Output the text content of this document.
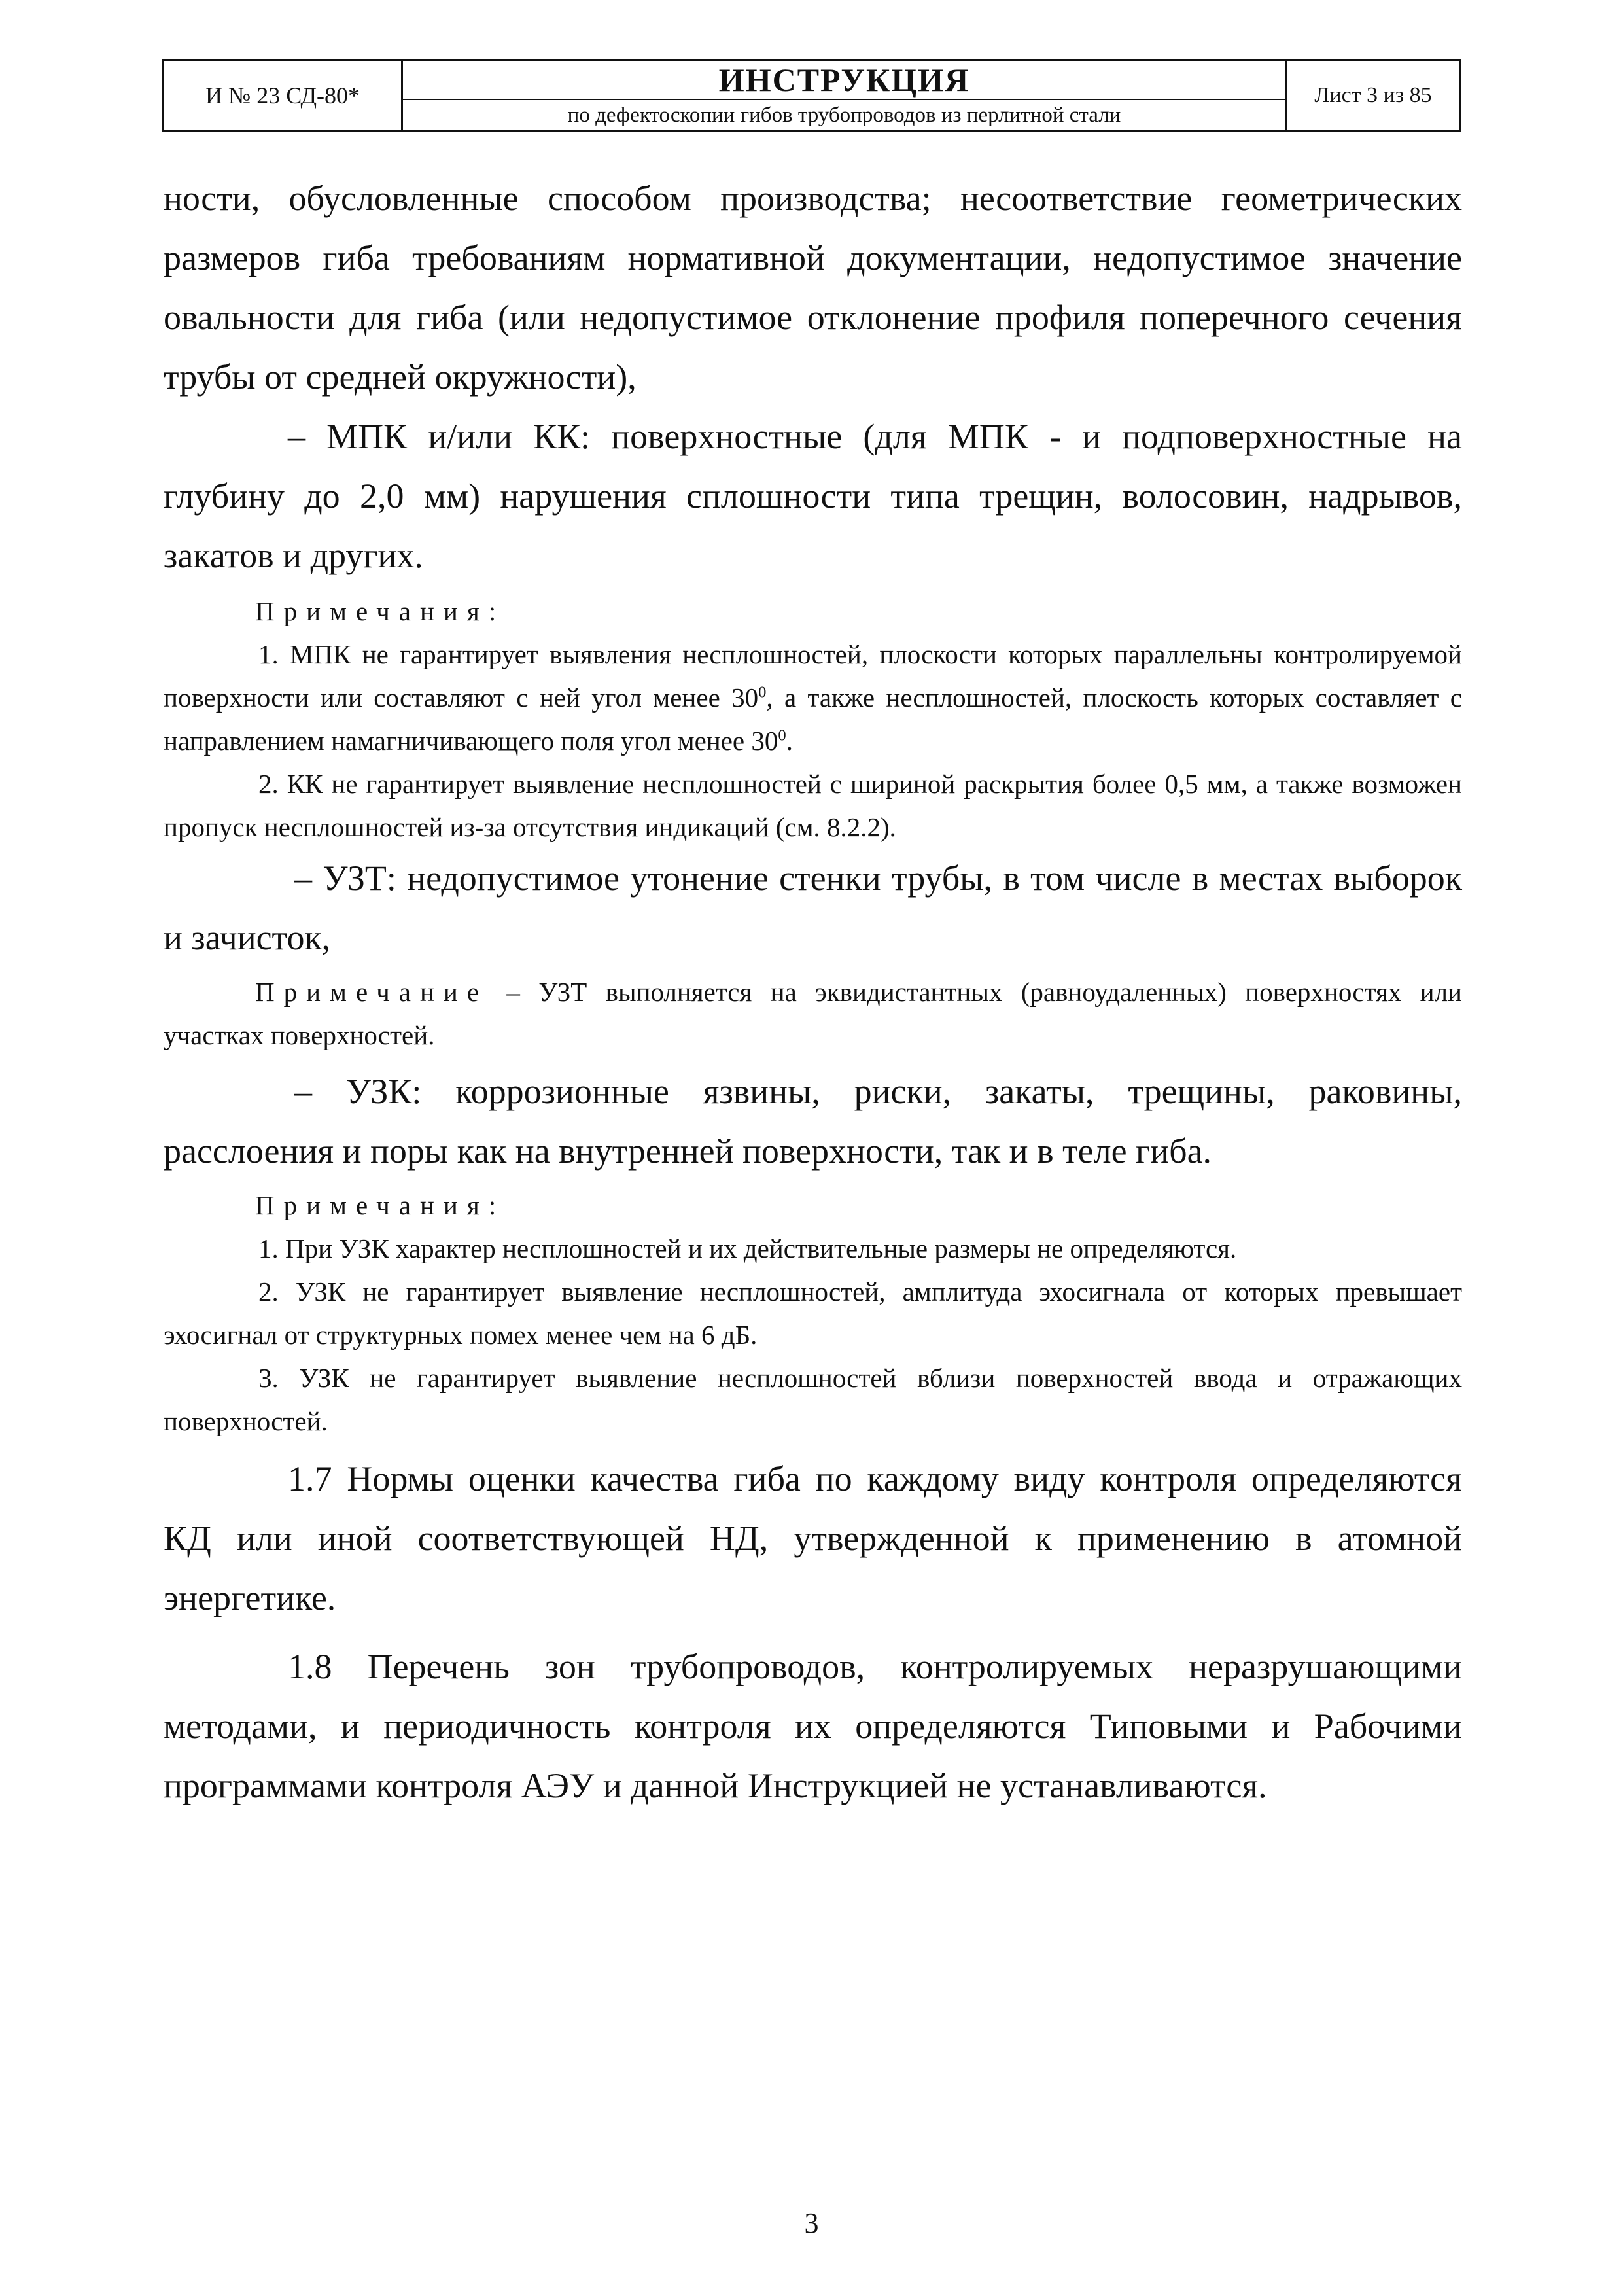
И № 23 СД-80*	ИНСТРУКЦИЯ
по дефектоскопии гибов трубопроводов из перлитной стали
Лист 3 из 85

ности, обусловленные способом производства; несоответствие геометрических размеров гиба требованиям нормативной документации, недопустимое значение овальности для гиба (или недопустимое отклонение профиля поперечного сечения трубы от средней окружности),

– МПК и/или КК: поверхностные (для МПК - и подповерхностные на глубину до 2,0 мм) нарушения сплошности типа трещин, волосовин, надрывов, закатов и других.

Примечания:

1. МПК не гарантирует выявления несплошностей, плоскости которых параллельны контролируемой поверхности или составляют с ней угол менее $30^0$, а также несплошностей, плоскость которых составляет с направлением намагничивающего поля угол менее $30^0$.

2. КК не гарантирует выявление несплошностей с шириной раскрытия более 0,5 мм, а также возможен пропуск несплошностей из-за отсутствия индикаций (см. 8.2.2).

– УЗТ: недопустимое утонение стенки трубы, в том числе в местах выборок и зачисток,

Примечание – УЗТ выполняется на эквидистантных (равноудаленных) поверхностях или участках поверхностей.

– УЗК: коррозионные язвины, риски, закаты, трещины, раковины, расслоения и поры как на внутренней поверхности, так и в теле гиба.

Примечания:

1. При УЗК характер несплошностей и их действительные размеры не определяются.

2. УЗК не гарантирует выявление несплошностей, амплитуда эхосигнала от которых превышает эхосигнал от структурных помех менее чем на 6 дБ.

3. УЗК не гарантирует выявление несплошностей вблизи поверхностей ввода и отражающих поверхностей.

1.7 Нормы оценки качества гиба по каждому виду контроля определяются КД или иной соответствующей НД, утвержденной к применению в атомной энергетике.

1.8 Перечень зон трубопроводов, контролируемых неразрушающими методами, и периодичность контроля их определяются Типовыми и Рабочими программами контроля АЭУ и данной Инструкцией не устанавливаются.

3
